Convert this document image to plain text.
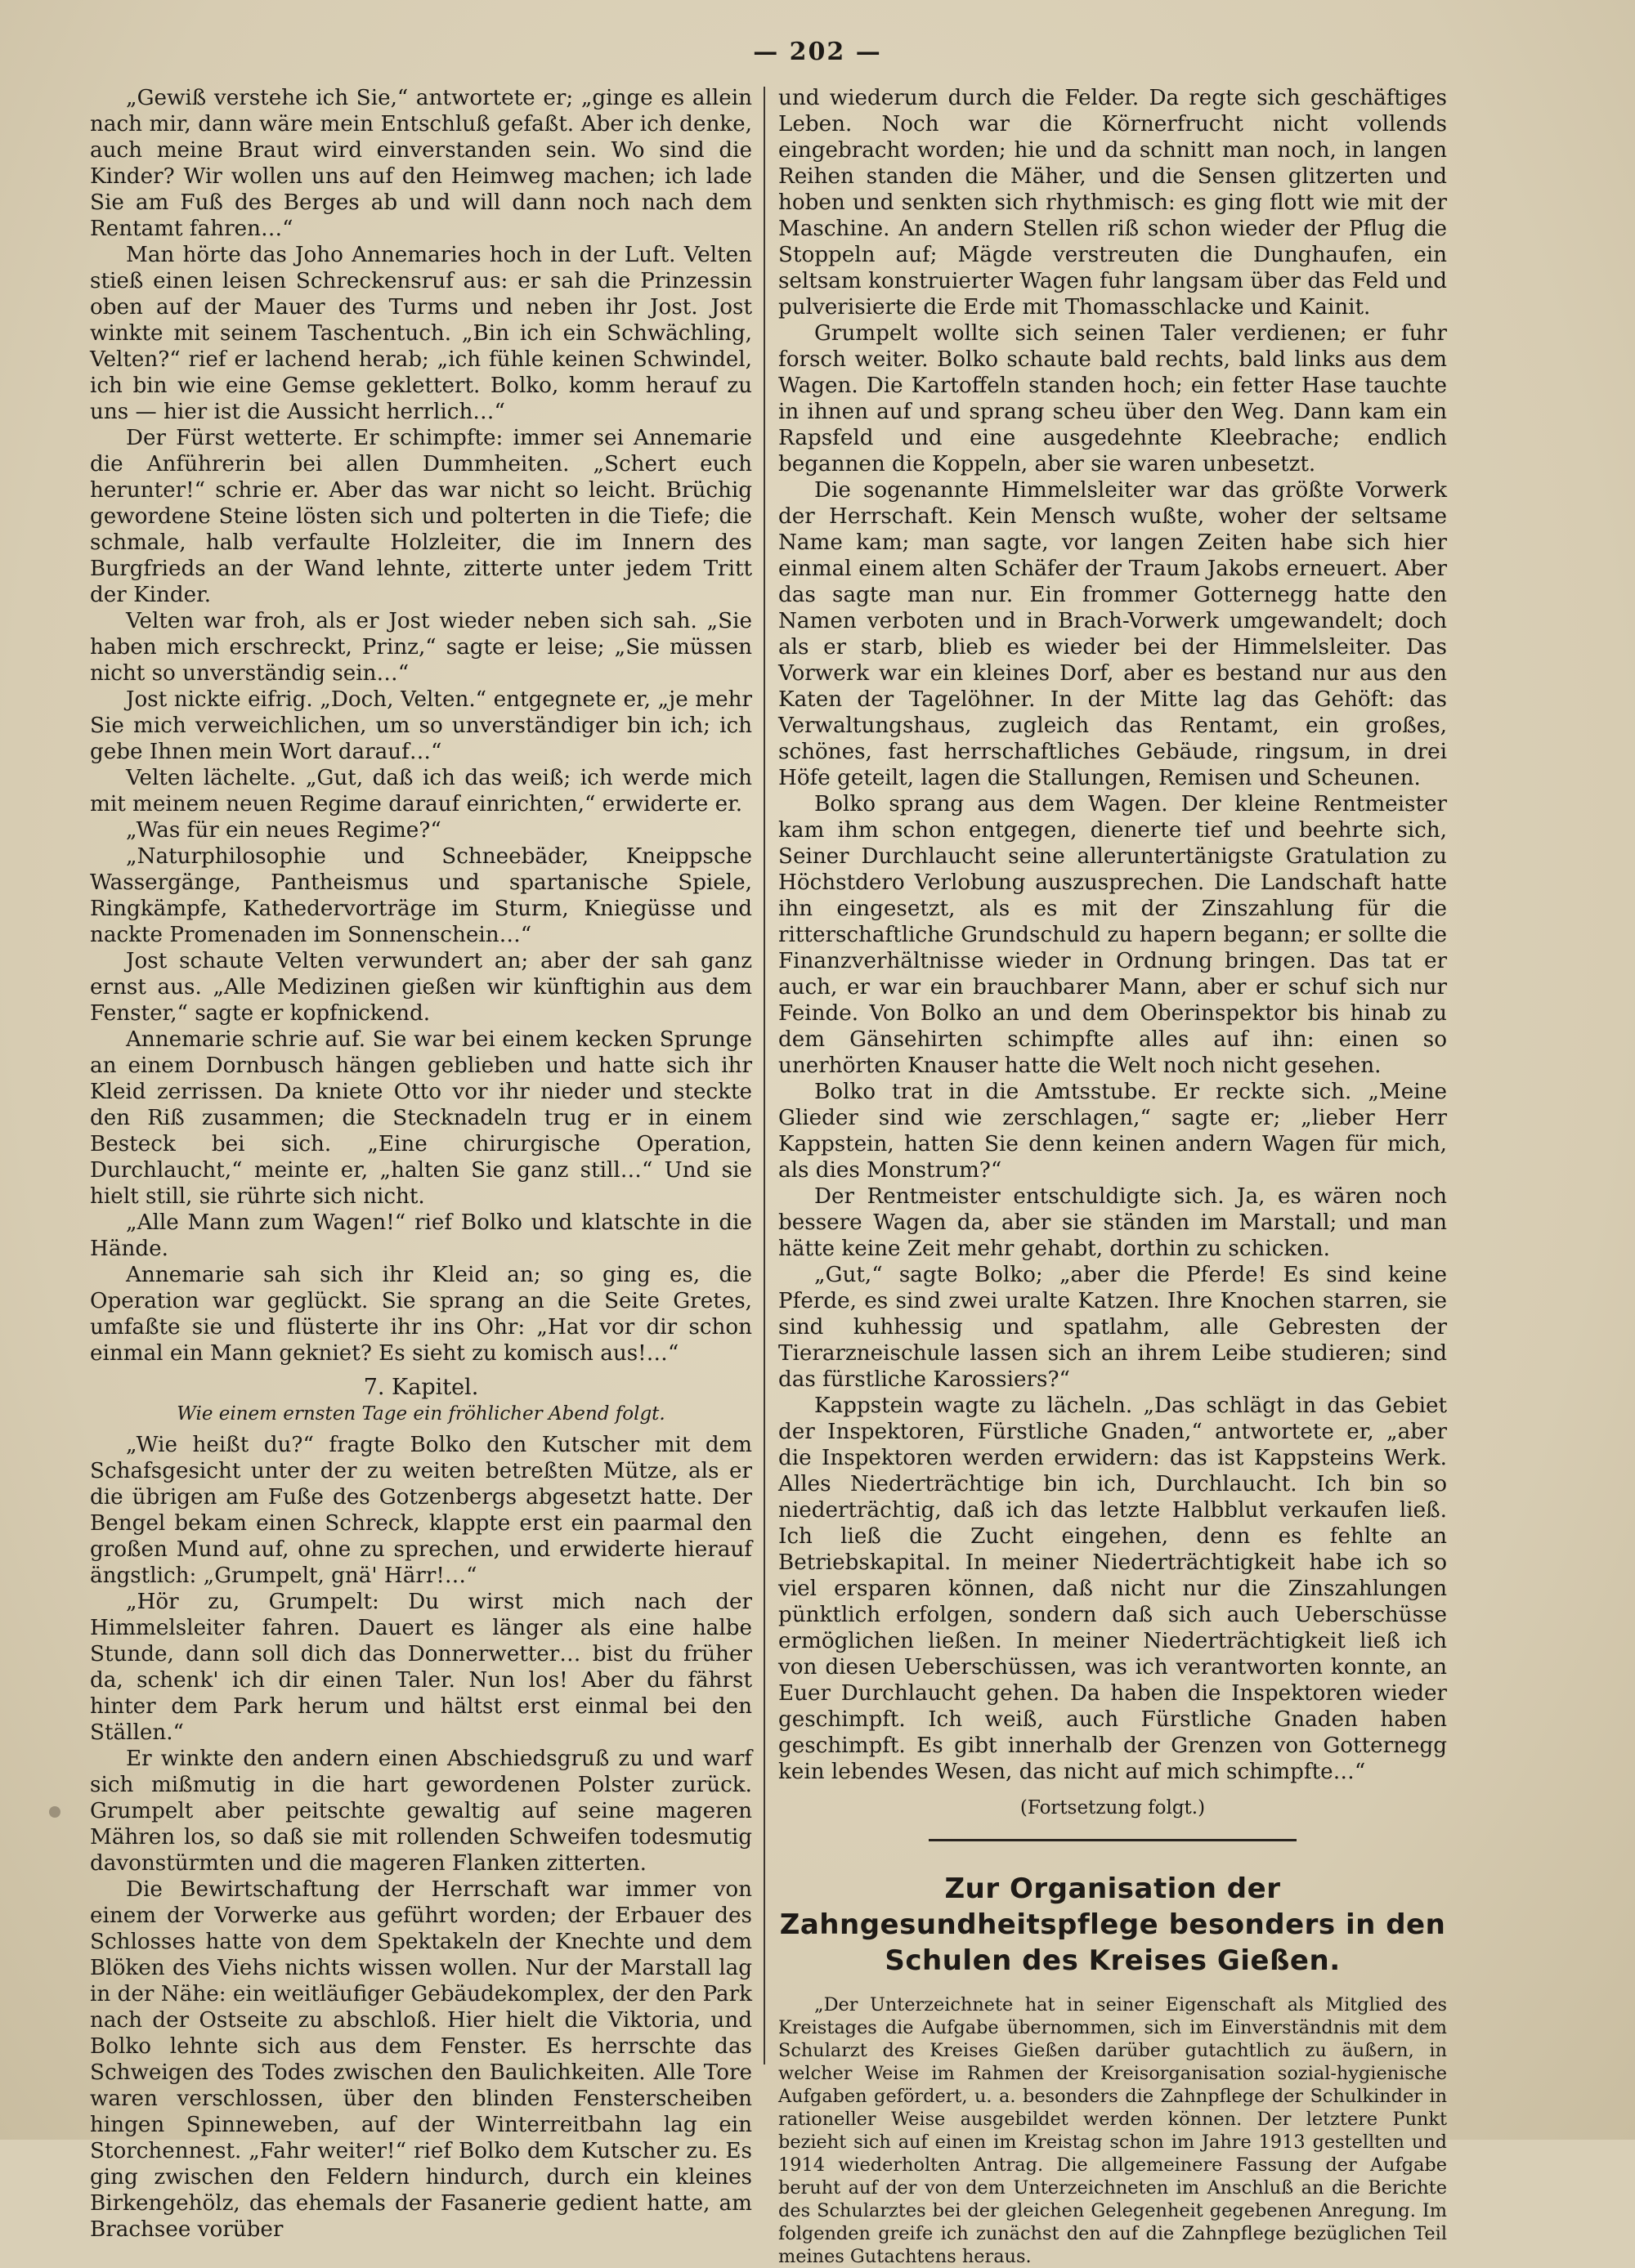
— 202 —

„Gewiß verstehe ich Sie,“ antwortete er; „ginge es allein nach mir, dann wäre mein Entschluß gefaßt. Aber ich denke, auch meine Braut wird einverstanden sein. Wo sind die Kinder? Wir wollen uns auf den Heimweg machen; ich lade Sie am Fuß des Berges ab und will dann noch nach dem Rentamt fahren…“

Man hörte das Joho Annemaries hoch in der Luft. Velten stieß einen leisen Schreckensruf aus: er sah die Prinzessin oben auf der Mauer des Turms und neben ihr Jost. Jost winkte mit seinem Taschentuch. „Bin ich ein Schwächling, Velten?“ rief er lachend herab; „ich fühle keinen Schwindel, ich bin wie eine Gemse geklettert. Bolko, komm herauf zu uns — hier ist die Aussicht herrlich…“

Der Fürst wetterte. Er schimpfte: immer sei Annemarie die Anführerin bei allen Dummheiten. „Schert euch herunter!“ schrie er. Aber das war nicht so leicht. Brüchig gewordene Steine lösten sich und polterten in die Tiefe; die schmale, halb verfaulte Holzleiter, die im Innern des Burgfrieds an der Wand lehnte, zitterte unter jedem Tritt der Kinder.

Velten war froh, als er Jost wieder neben sich sah. „Sie haben mich erschreckt, Prinz,“ sagte er leise; „Sie müssen nicht so unverständig sein…“

Jost nickte eifrig. „Doch, Velten.“ entgegnete er, „je mehr Sie mich verweichlichen, um so unverständiger bin ich; ich gebe Ihnen mein Wort darauf…“

Velten lächelte. „Gut, daß ich das weiß; ich werde mich mit meinem neuen Regime darauf einrichten,“ erwiderte er.

„Was für ein neues Regime?“

„Naturphilosophie und Schneebäder, Kneippsche Wassergänge, Pantheismus und spartanische Spiele, Ringkämpfe, Kathedervorträge im Sturm, Kniegüsse und nackte Promenaden im Sonnenschein…“

Jost schaute Velten verwundert an; aber der sah ganz ernst aus. „Alle Medizinen gießen wir künftighin aus dem Fenster,“ sagte er kopfnickend.

Annemarie schrie auf. Sie war bei einem kecken Sprunge an einem Dornbusch hängen geblieben und hatte sich ihr Kleid zerrissen. Da kniete Otto vor ihr nieder und steckte den Riß zusammen; die Stecknadeln trug er in einem Besteck bei sich. „Eine chirurgische Operation, Durchlaucht,“ meinte er, „halten Sie ganz still…“ Und sie hielt still, sie rührte sich nicht.

„Alle Mann zum Wagen!“ rief Bolko und klatschte in die Hände.

Annemarie sah sich ihr Kleid an; so ging es, die Operation war geglückt. Sie sprang an die Seite Gretes, umfaßte sie und flüsterte ihr ins Ohr: „Hat vor dir schon einmal ein Mann gekniet? Es sieht zu komisch aus!…“

7. Kapitel.

Wie einem ernsten Tage ein fröhlicher Abend folgt.

„Wie heißt du?“ fragte Bolko den Kutscher mit dem Schafsgesicht unter der zu weiten betreßten Mütze, als er die übrigen am Fuße des Gotzenbergs abgesetzt hatte. Der Bengel bekam einen Schreck, klappte erst ein paarmal den großen Mund auf, ohne zu sprechen, und erwiderte hierauf ängstlich: „Grumpelt, gnä' Härr!…“

„Hör zu, Grumpelt: Du wirst mich nach der Himmelsleiter fahren. Dauert es länger als eine halbe Stunde, dann soll dich das Donnerwetter… bist du früher da, schenk' ich dir einen Taler. Nun los! Aber du fährst hinter dem Park herum und hältst erst einmal bei den Ställen.“

Er winkte den andern einen Abschiedsgruß zu und warf sich mißmutig in die hart gewordenen Polster zurück. Grumpelt aber peitschte gewaltig auf seine mageren Mähren los, so daß sie mit rollenden Schweifen todesmutig davonstürmten und die mageren Flanken zitterten.

Die Bewirtschaftung der Herrschaft war immer von einem der Vorwerke aus geführt worden; der Erbauer des Schlosses hatte von dem Spektakeln der Knechte und dem Blöken des Viehs nichts wissen wollen. Nur der Marstall lag in der Nähe: ein weitläufiger Gebäudekomplex, der den Park nach der Ostseite zu abschloß. Hier hielt die Viktoria, und Bolko lehnte sich aus dem Fenster. Es herrschte das Schweigen des Todes zwischen den Baulichkeiten. Alle Tore waren verschlossen, über den blinden Fensterscheiben hingen Spinneweben, auf der Winterreitbahn lag ein Storchennest. „Fahr weiter!“ rief Bolko dem Kutscher zu. Es ging zwischen den Feldern hindurch, durch ein kleines Birkengehölz, das ehemals der Fasanerie gedient hatte, am Brachsee vorüber

und wiederum durch die Felder. Da regte sich geschäftiges Leben. Noch war die Körnerfrucht nicht vollends eingebracht worden; hie und da schnitt man noch, in langen Reihen standen die Mäher, und die Sensen glitzerten und hoben und senkten sich rhythmisch: es ging flott wie mit der Maschine. An andern Stellen riß schon wieder der Pflug die Stoppeln auf; Mägde verstreuten die Dunghaufen, ein seltsam konstruierter Wagen fuhr langsam über das Feld und pulverisierte die Erde mit Thomasschlacke und Kainit.

Grumpelt wollte sich seinen Taler verdienen; er fuhr forsch weiter. Bolko schaute bald rechts, bald links aus dem Wagen. Die Kartoffeln standen hoch; ein fetter Hase tauchte in ihnen auf und sprang scheu über den Weg. Dann kam ein Rapsfeld und eine ausgedehnte Kleebrache; endlich begannen die Koppeln, aber sie waren unbesetzt.

Die sogenannte Himmelsleiter war das größte Vorwerk der Herrschaft. Kein Mensch wußte, woher der seltsame Name kam; man sagte, vor langen Zeiten habe sich hier einmal einem alten Schäfer der Traum Jakobs erneuert. Aber das sagte man nur. Ein frommer Gotternegg hatte den Namen verboten und in Brach-Vorwerk umgewandelt; doch als er starb, blieb es wieder bei der Himmelsleiter. Das Vorwerk war ein kleines Dorf, aber es bestand nur aus den Katen der Tagelöhner. In der Mitte lag das Gehöft: das Verwaltungshaus, zugleich das Rentamt, ein großes, schönes, fast herrschaftliches Gebäude, ringsum, in drei Höfe geteilt, lagen die Stallungen, Remisen und Scheunen.

Bolko sprang aus dem Wagen. Der kleine Rentmeister kam ihm schon entgegen, dienerte tief und beehrte sich, Seiner Durchlaucht seine alleruntertänigste Gratulation zu Höchstdero Verlobung auszusprechen. Die Landschaft hatte ihn eingesetzt, als es mit der Zinszahlung für die ritterschaftliche Grundschuld zu hapern begann; er sollte die Finanzverhältnisse wieder in Ordnung bringen. Das tat er auch, er war ein brauchbarer Mann, aber er schuf sich nur Feinde. Von Bolko an und dem Oberinspektor bis hinab zu dem Gänsehirten schimpfte alles auf ihn: einen so unerhörten Knauser hatte die Welt noch nicht gesehen.

Bolko trat in die Amtsstube. Er reckte sich. „Meine Glieder sind wie zerschlagen,“ sagte er; „lieber Herr Kappstein, hatten Sie denn keinen andern Wagen für mich, als dies Monstrum?“

Der Rentmeister entschuldigte sich. Ja, es wären noch bessere Wagen da, aber sie ständen im Marstall; und man hätte keine Zeit mehr gehabt, dorthin zu schicken.

„Gut,“ sagte Bolko; „aber die Pferde! Es sind keine Pferde, es sind zwei uralte Katzen. Ihre Knochen starren, sie sind kuhhessig und spatlahm, alle Gebresten der Tierarzneischule lassen sich an ihrem Leibe studieren; sind das fürstliche Karossiers?“

Kappstein wagte zu lächeln. „Das schlägt in das Gebiet der Inspektoren, Fürstliche Gnaden,“ antwortete er, „aber die Inspektoren werden erwidern: das ist Kappsteins Werk. Alles Niederträchtige bin ich, Durchlaucht. Ich bin so niederträchtig, daß ich das letzte Halbblut verkaufen ließ. Ich ließ die Zucht eingehen, denn es fehlte an Betriebskapital. In meiner Niederträchtigkeit habe ich so viel ersparen können, daß nicht nur die Zinszahlungen pünktlich erfolgen, sondern daß sich auch Ueberschüsse ermöglichen ließen. In meiner Niederträchtigkeit ließ ich von diesen Ueberschüssen, was ich verantworten konnte, an Euer Durchlaucht gehen. Da haben die Inspektoren wieder geschimpft. Ich weiß, auch Fürstliche Gnaden haben geschimpft. Es gibt innerhalb der Grenzen von Gotternegg kein lebendes Wesen, das nicht auf mich schimpfte…“

(Fortsetzung folgt.)

Zur Organisation der Zahngesundheitspflege besonders in den Schulen des Kreises Gießen.

„Der Unterzeichnete hat in seiner Eigenschaft als Mitglied des Kreistages die Aufgabe übernommen, sich im Einverständnis mit dem Schularzt des Kreises Gießen darüber gutachtlich zu äußern, in welcher Weise im Rahmen der Kreisorganisation sozial-hygienische Aufgaben gefördert, u. a. besonders die Zahnpflege der Schulkinder in rationeller Weise ausgebildet werden können. Der letztere Punkt bezieht sich auf einen im Kreistag schon im Jahre 1913 gestellten und 1914 wiederholten Antrag. Die allgemeinere Fassung der Aufgabe beruht auf der von dem Unterzeichneten im Anschluß an die Berichte des Schularztes bei der gleichen Gelegenheit gegebenen Anregung. Im folgenden greife ich zunächst den auf die Zahnpflege bezüglichen Teil meines Gutachtens heraus.
